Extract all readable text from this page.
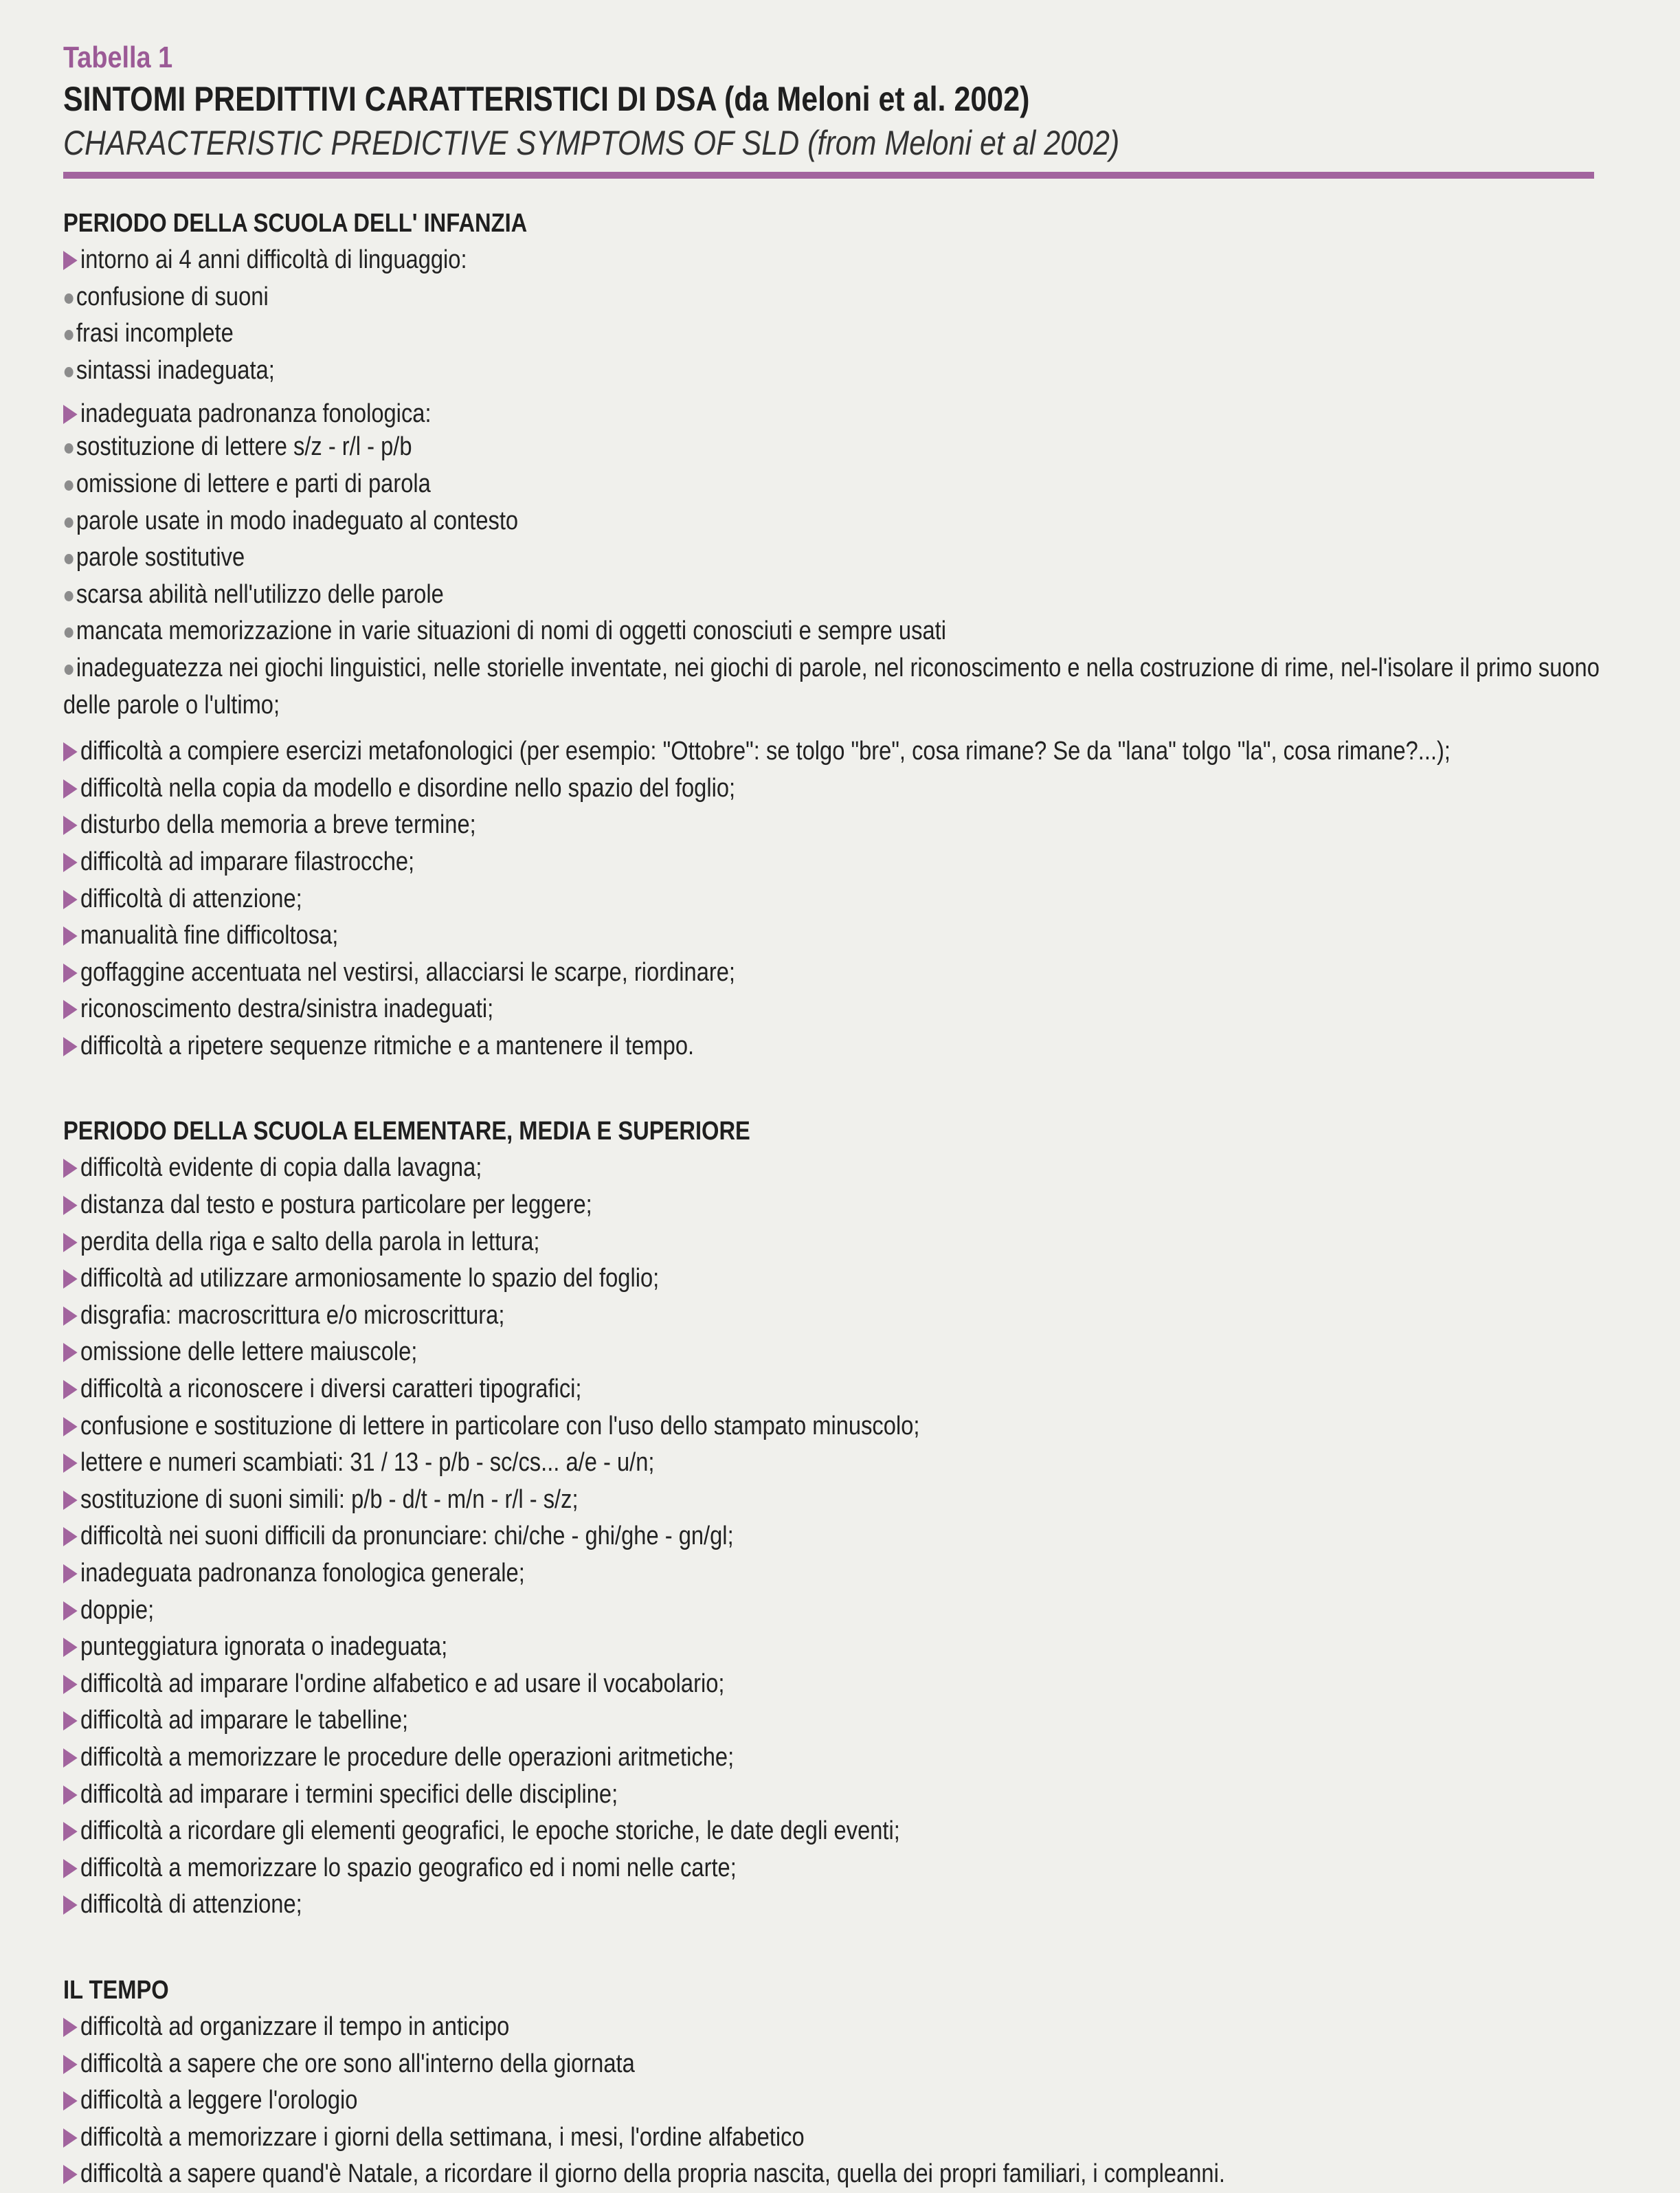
Tabella 1
SINTOMI PREDITTIVI CARATTERISTICI DI DSA (da Meloni et al. 2002)
CHARACTERISTIC PREDICTIVE SYMPTOMS OF SLD (from Meloni et al 2002)
PERIODO DELLA SCUOLA DELL' INFANZIA
intorno ai 4 anni difficoltà di linguaggio:
confusione di suoni
frasi incomplete
sintassi inadeguata;
inadeguata padronanza fonologica:
sostituzione di lettere s/z - r/l - p/b
omissione di lettere e parti di parola
parole usate in modo inadeguato al contesto
parole sostitutive
scarsa abilità nell'utilizzo delle parole
mancata memorizzazione in varie situazioni di nomi di oggetti conosciuti e sempre usati
inadeguatezza nei giochi linguistici, nelle storielle inventate, nei giochi di parole, nel riconoscimento e nella costruzione di rime, nel-l'isolare il primo suono delle parole o l'ultimo;
difficoltà a compiere esercizi metafonologici (per esempio: "Ottobre": se tolgo "bre", cosa rimane? Se da "lana" tolgo "la", cosa rimane?...);
difficoltà nella copia da modello e disordine nello spazio del foglio;
disturbo della memoria a breve termine;
difficoltà ad imparare filastrocche;
difficoltà di attenzione;
manualità fine difficoltosa;
goffaggine accentuata nel vestirsi, allacciarsi le scarpe, riordinare;
riconoscimento destra/sinistra inadeguati;
difficoltà a ripetere sequenze ritmiche e a mantenere il tempo.
PERIODO DELLA SCUOLA ELEMENTARE, MEDIA E SUPERIORE
difficoltà evidente di copia dalla lavagna;
distanza dal testo e postura particolare per leggere;
perdita della riga e salto della parola in lettura;
difficoltà ad utilizzare armoniosamente lo spazio del foglio;
disgrafia: macroscrittura e/o microscrittura;
omissione delle lettere maiuscole;
difficoltà a riconoscere i diversi caratteri tipografici;
confusione e sostituzione di lettere in particolare con l'uso dello stampato minuscolo;
lettere e numeri scambiati: 31 / 13 - p/b - sc/cs... a/e - u/n;
sostituzione di suoni simili: p/b - d/t - m/n - r/l - s/z;
difficoltà nei suoni difficili da pronunciare: chi/che - ghi/ghe - gn/gl;
inadeguata padronanza fonologica generale;
doppie;
punteggiatura ignorata o inadeguata;
difficoltà ad imparare l'ordine alfabetico e ad usare il vocabolario;
difficoltà ad imparare le tabelline;
difficoltà a memorizzare le procedure delle operazioni aritmetiche;
difficoltà ad imparare i termini specifici delle discipline;
difficoltà a ricordare gli elementi geografici, le epoche storiche, le date degli eventi;
difficoltà a memorizzare lo spazio geografico ed i nomi nelle carte;
difficoltà di attenzione;
IL TEMPO
difficoltà ad organizzare il tempo in anticipo
difficoltà a sapere che ore sono all'interno della giornata
difficoltà a leggere l'orologio
difficoltà a memorizzare i giorni della settimana, i mesi, l'ordine alfabetico
difficoltà a sapere quand'è Natale, a ricordare il giorno della propria nascita, quella dei propri familiari, i compleanni.
